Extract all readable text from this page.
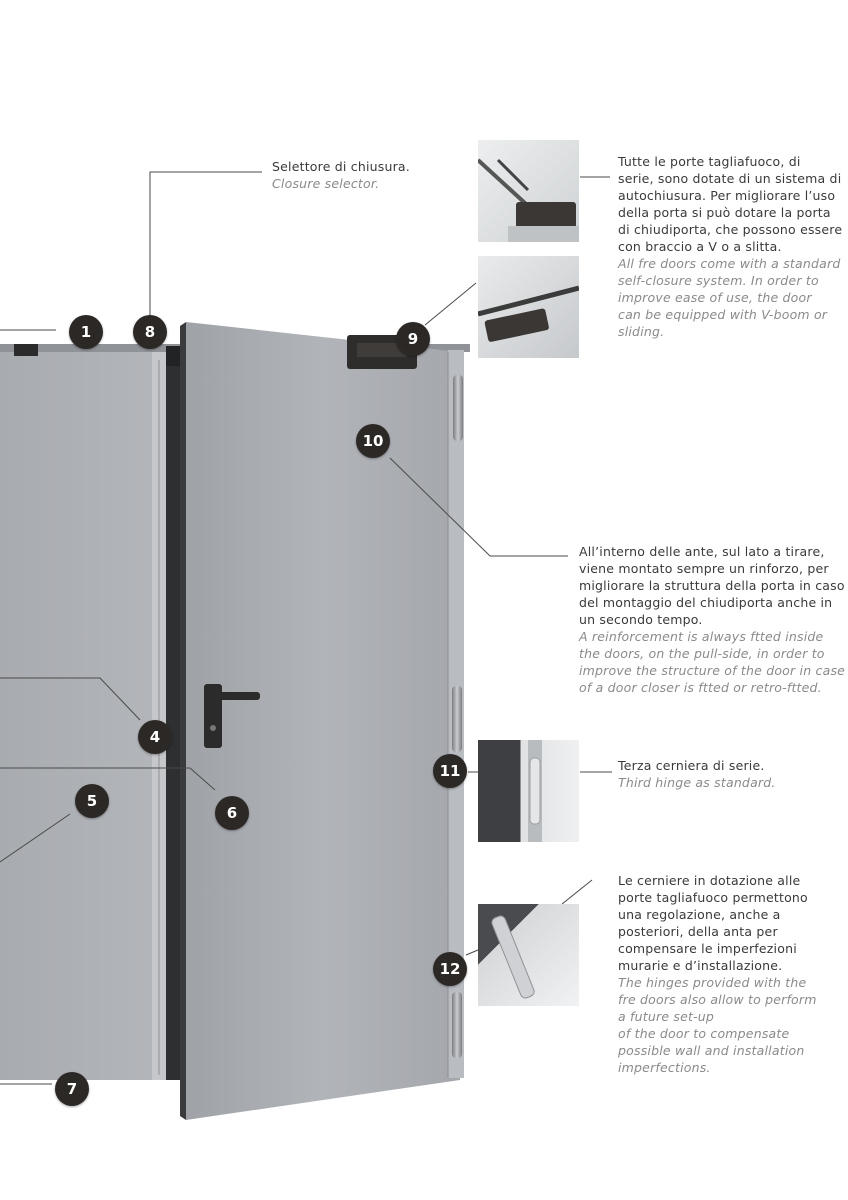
Selettore di chiusura.
Closure selector.
Tutte le porte tagliafuoco, di
serie, sono dotate di un sistema di
autochiusura. Per migliorare l’uso
della porta si può dotare la porta
di chiudiporta, che possono essere
con braccio a V o a slitta.
All fre doors come with a standard
self-closure system. In order to
improve ease of use, the door
can be equipped with V-boom or
sliding.
All’interno delle ante, sul lato a tirare,
viene montato sempre un rinforzo, per
migliorare la struttura della porta in caso
del montaggio del chiudiporta anche in
un secondo tempo.
A reinforcement is always ftted inside
the doors, on the pull-side, in order to
improve the structure of the door in case
of a door closer is ftted or retro-ftted.
Terza cerniera di serie.
Third hinge as standard.
Le cerniere in dotazione alle
porte tagliafuoco permettono
una regolazione, anche a
posteriori, della anta per
compensare le imperfezioni
murarie e d’installazione.
The hinges provided with the
fre doors also allow to perform
a future set-up
of the door to compensate
possible wall and installation
imperfections.
1	8	9
10
4
5
6
7
11
12
